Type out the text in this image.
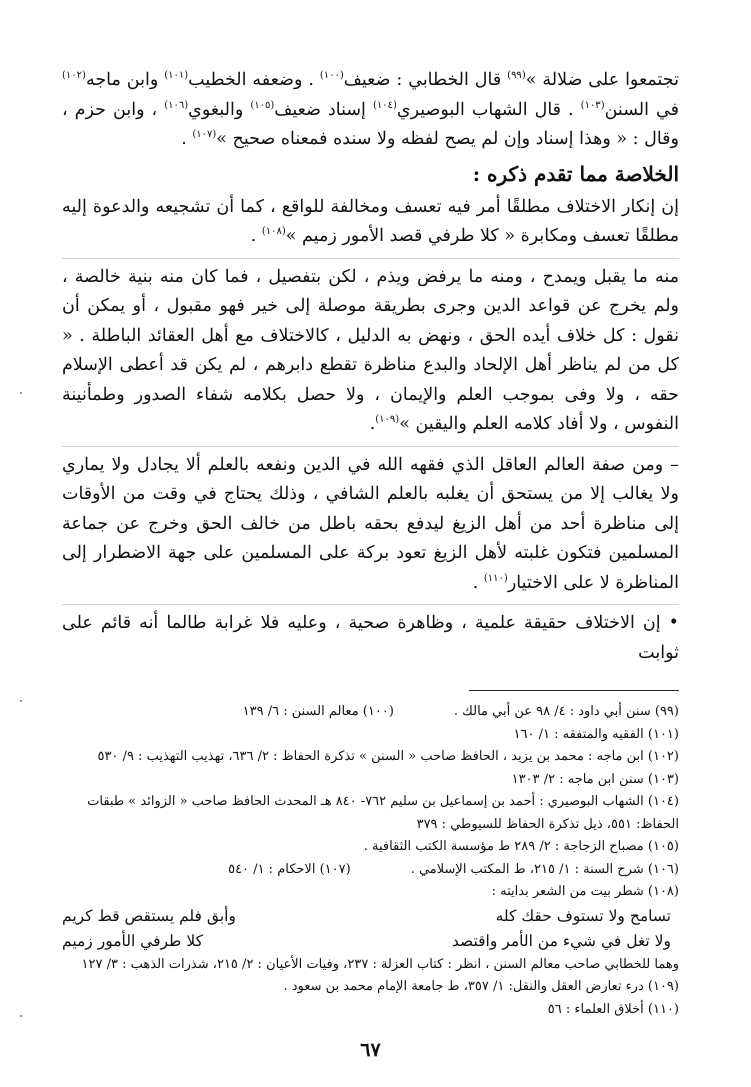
تجتمعوا على ضلالة »$^{(٩٩)}$ قال الخطابي : ضعيف$^{(١٠٠)}$ . وضعفه الخطيب$^{(١٠١)}$ وابن ماجه$^{(١٠٢)}$ في السنن$^{(١٠٣)}$ . قال الشهاب البوصيري$^{(١٠٤)}$ إسناد ضعيف$^{(١٠٥)}$ والبغوي$^{(١٠٦)}$ ، وابن حزم ، وقال : « وهذا إسناد وإن لم يصح لفظه ولا سنده فمعناه صحيح »$^{(١٠٧)}$ .

الخلاصة مما تقدم ذكره :

إن إنكار الاختلاف مطلقًا أمر فيه تعسف ومخالفة للواقع ، كما أن تشجيعه والدعوة إليه مطلقًا تعسف ومكابرة « كلا طرفي قصد الأمور زميم »$^{(١٠٨)}$ .

منه ما يقبل ويمدح ، ومنه ما يرفض ويذم ، لكن بتفصيل ، فما كان منه بنية خالصة ، ولم يخرج عن قواعد الدين وجرى بطريقة موصلة إلى خير فهو مقبول ، أو يمكن أن نقول : كل خلاف أيده الحق ، ونهض به الدليل ، كالاختلاف مع أهل العقائد الباطلة . « كل من لم يناظر أهل الإلحاد والبدع مناظرة تقطع دابرهم ، لم يكن قد أعطى الإسلام حقه ، ولا وفى بموجب العلم والإيمان ، ولا حصل بكلامه شفاء الصدور وطمأنينة النفوس ، ولا أفاد كلامه العلم واليقين »$^{(١٠٩)}$.

– ومن صفة العالم العاقل الذي فقهه الله في الدين ونفعه بالعلم ألا يجادل ولا يماري ولا يغالب إلا من يستحق أن يغلبه بالعلم الشافي ، وذلك يحتاج في وقت من الأوقات إلى مناظرة أحد من أهل الزيغ ليدفع بحقه باطل من خالف الحق وخرج عن جماعة المسلمين فتكون غلبته لأهل الزيغ تعود بركة على المسلمين على جهة الاضطرار إلى المناظرة لا على الاختيار$^{(١١٠)}$ .

• إن الاختلاف حقيقة علمية ، وظاهرة صحية ، وعليه فلا غرابة طالما أنه قائم على ثوابت

(٩٩) سنن أبي داود : ٤/ ٩٨ عن أبي مالك .
(١٠٠) معالم السنن : ٦/ ١٣٩

(١٠١) الفقيه والمتفقه : ١/ ١٦٠

(١٠٢) ابن ماجه : محمد بن يزيد ، الحافظ صاحب « السنن » تذكرة الحفاظ : ٢/ ٦٣٦، تهذيب التهذيب : ٩/ ٥٣٠

(١٠٣) سنن ابن ماجه : ٢/ ١٣٠٣

(١٠٤) الشهاب البوصيري : أحمد بن إسماعيل بن سليم ٧٦٢- ٨٤٠ هـ المحدث الحافظ صاحب « الزوائد » طبقات الحفاظ: ٥٥١، ذيل تذكرة الحفاظ للسيوطي : ٣٧٩

(١٠٥) مصباح الزجاجة : ٢/ ٢٨٩ ط مؤسسة الكتب الثقافية .

(١٠٦) شرح السنة : ١/ ٢١٥، ط المكتب الإسلامي .
(١٠٧) الاحكام : ١/ ٥٤٠

(١٠٨) شطر بيت من الشعر بدايته :

تسامح ولا تستوف حقك كله
وأبق فلم يستقص قط كريم
ولا تغل في شيء من الأمر واقتصد
كلا طرفي الأمور زميم

وهما للخطابي صاحب معالم السنن ، انظر : كتاب العزلة : ٢٣٧، وفيات الأعيان : ٢/ ٢١٥، شذرات الذهب : ٣/ ١٢٧

(١٠٩) درء تعارض العقل والنقل: ١/ ٣٥٧، ط جامعة الإمام محمد بن سعود .

(١١٠) أخلاق العلماء : ٥٦

٦٧
